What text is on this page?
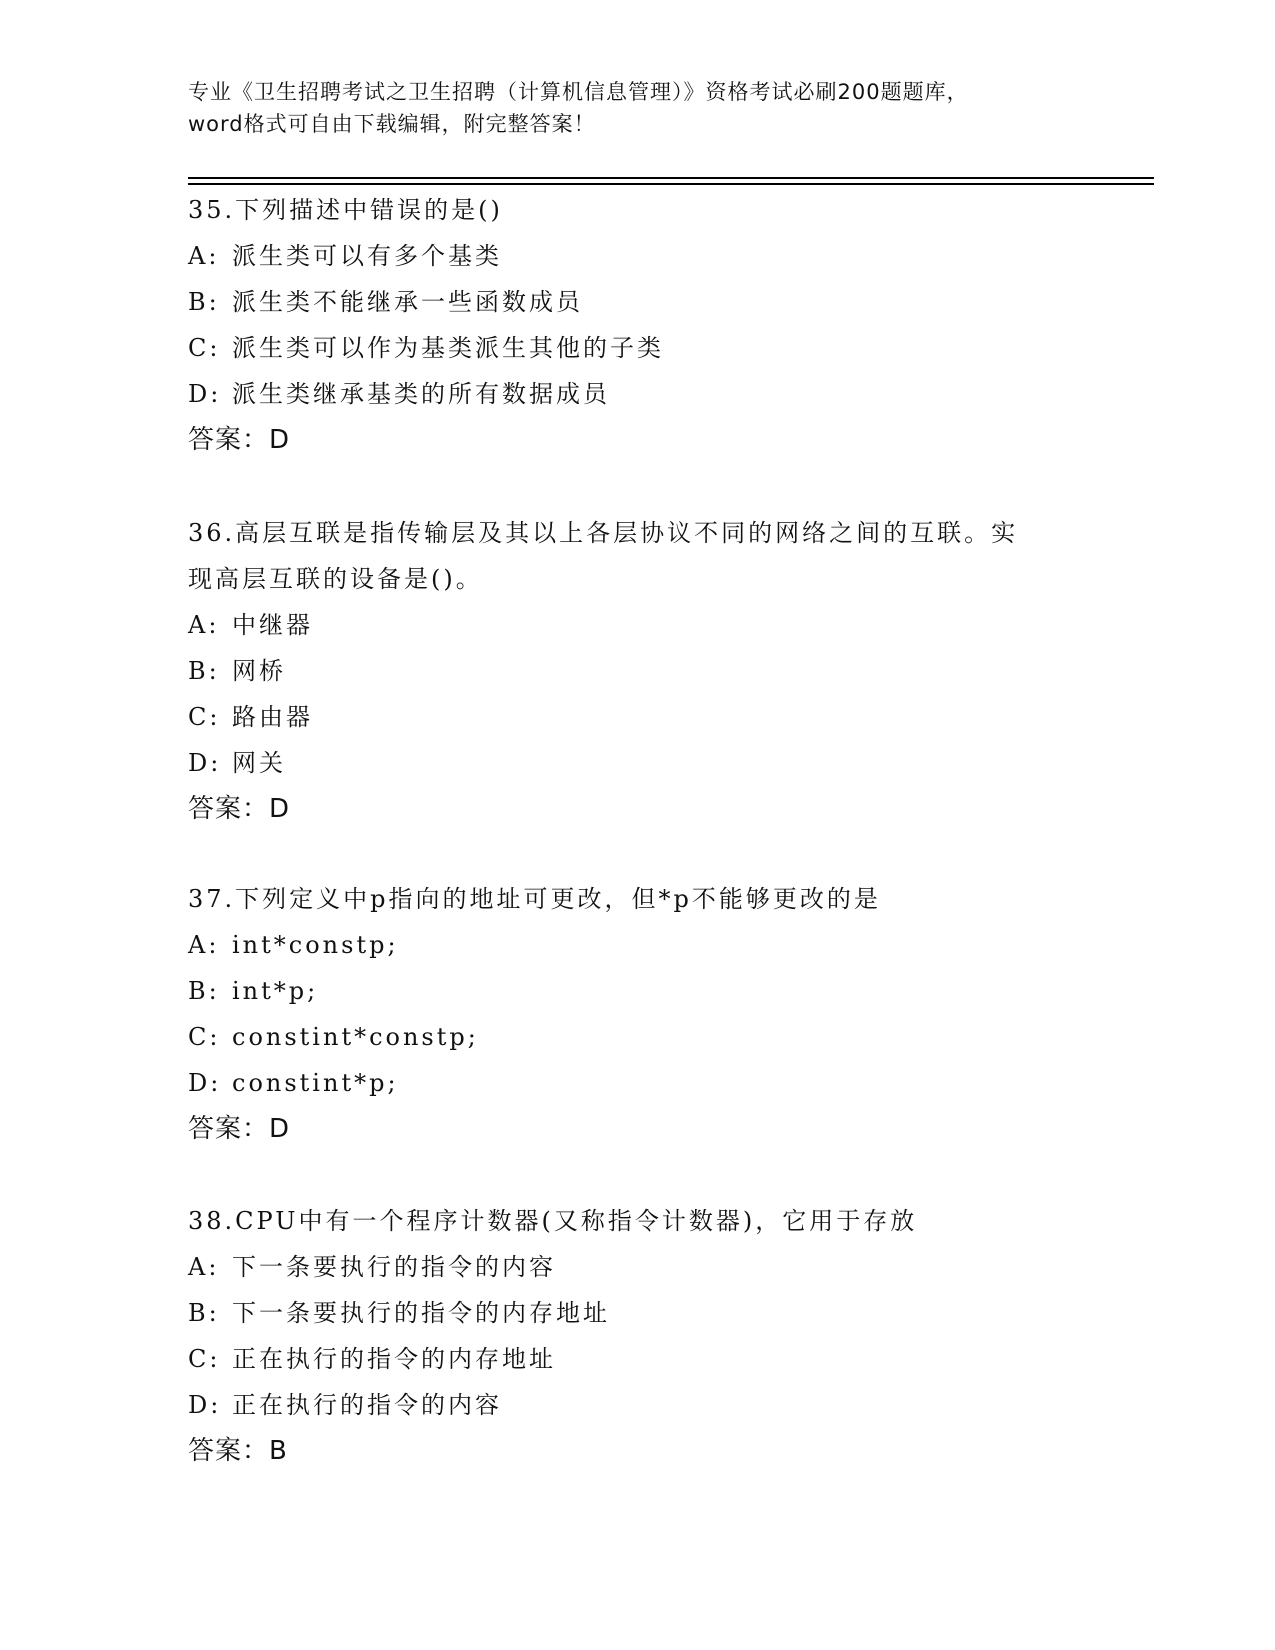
专业《卫生招聘考试之卫生招聘（计算机信息管理）》资格考试必刷200题题库，
word格式可自由下载编辑，附完整答案！
35.下列描述中错误的是()
A: 派生类可以有多个基类
B: 派生类不能继承一些函数成员
C: 派生类可以作为基类派生其他的子类
D: 派生类继承基类的所有数据成员
答案：D
36.高层互联是指传输层及其以上各层协议不同的网络之间的互联。实
现高层互联的设备是()。
A: 中继器
B: 网桥
C: 路由器
D: 网关
答案：D
37.下列定义中p指向的地址可更改，但*p不能够更改的是
A: int*constp;
B: int*p;
C: constint*constp;
D: constint*p;
答案：D
38.CPU中有一个程序计数器(又称指令计数器)，它用于存放
A: 下一条要执行的指令的内容
B: 下一条要执行的指令的内存地址
C: 正在执行的指令的内存地址
D: 正在执行的指令的内容
答案：B
